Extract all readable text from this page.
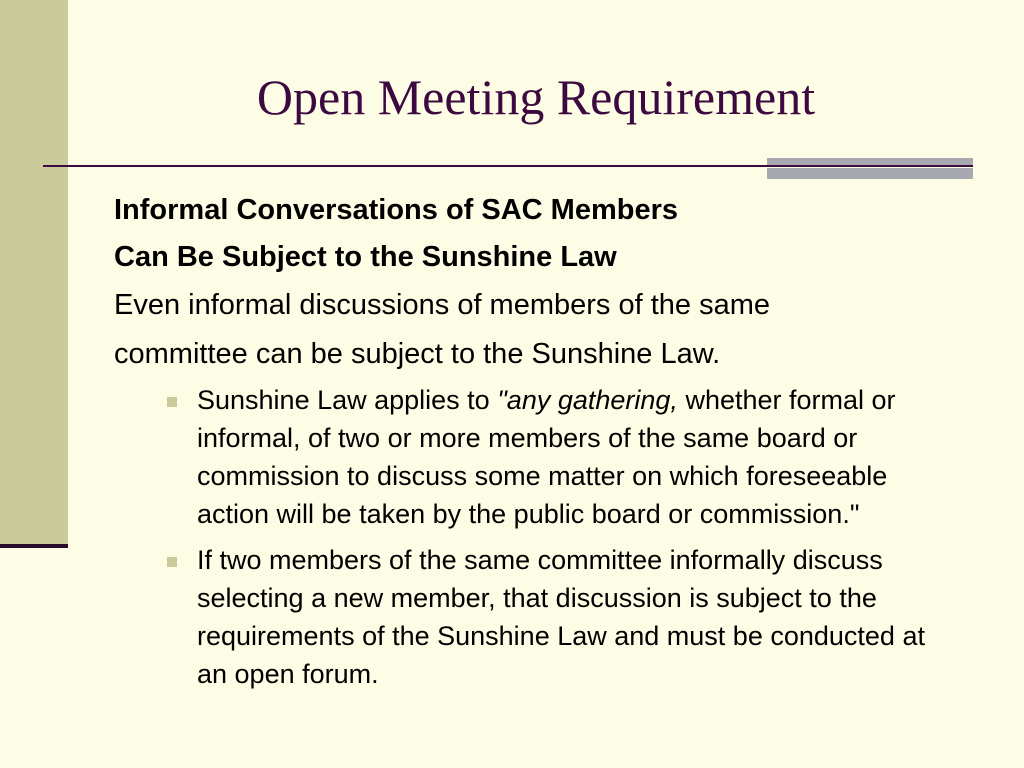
Open Meeting Requirement

Informal Conversations of SAC Members

Can Be Subject to the Sunshine Law

Even informal discussions of members of the same

committee can be subject to the Sunshine Law.

Sunshine Law applies to "any gathering, whether formal or informal, of two or more members of the same board or commission to discuss some matter on which foreseeable action will be taken by the public board or commission."
If two members of the same committee informally discuss selecting a new member, that discussion is subject to the requirements of the Sunshine Law and must be conducted at an open forum.
